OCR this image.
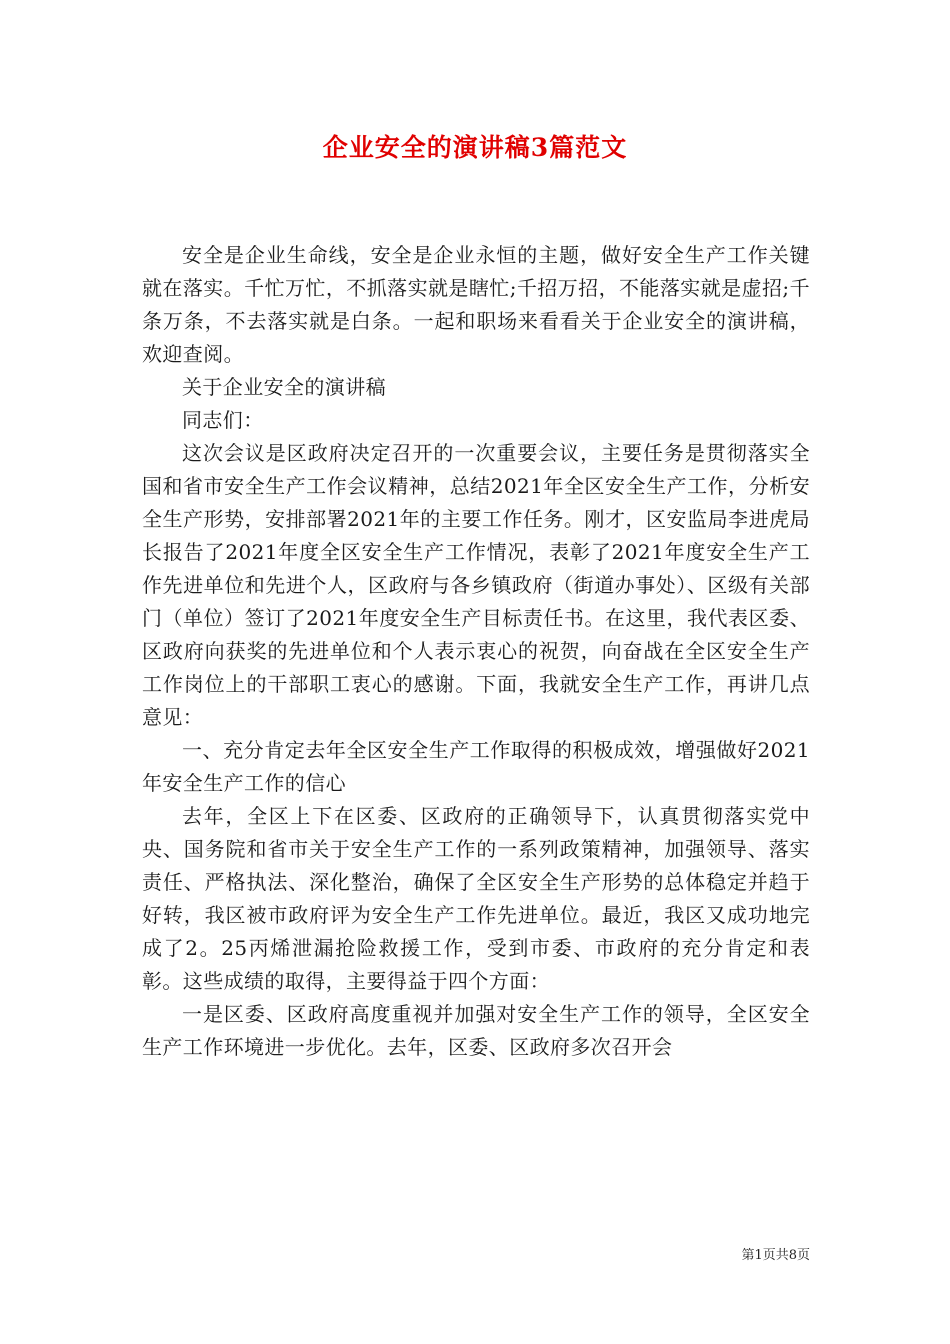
企业安全的演讲稿3篇范文

安全是企业生命线，安全是企业永恒的主题，做好安全生产工作关键就在落实。千忙万忙，不抓落实就是瞎忙;千招万招，不能落实就是虚招;千条万条，不去落实就是白条。一起和职场来看看关于企业安全的演讲稿，欢迎查阅。

关于企业安全的演讲稿

同志们：

这次会议是区政府决定召开的一次重要会议，主要任务是贯彻落实全国和省市安全生产工作会议精神，总结2021年全区安全生产工作，分析安全生产形势，安排部署2021年的主要工作任务。刚才，区安监局李进虎局长报告了2021年度全区安全生产工作情况，表彰了2021年度安全生产工作先进单位和先进个人，区政府与各乡镇政府（街道办事处）、区级有关部门（单位）签订了2021年度安全生产目标责任书。在这里，我代表区委、区政府向获奖的先进单位和个人表示衷心的祝贺，向奋战在全区安全生产工作岗位上的干部职工衷心的感谢。下面，我就安全生产工作，再讲几点意见：

一、充分肯定去年全区安全生产工作取得的积极成效，增强做好2021年安全生产工作的信心

去年，全区上下在区委、区政府的正确领导下，认真贯彻落实党中央、国务院和省市关于安全生产工作的一系列政策精神，加强领导、落实责任、严格执法、深化整治，确保了全区安全生产形势的总体稳定并趋于好转，我区被市政府评为安全生产工作先进单位。最近，我区又成功地完成了2。25丙烯泄漏抢险救援工作，受到市委、市政府的充分肯定和表彰。这些成绩的取得，主要得益于四个方面：

一是区委、区政府高度重视并加强对安全生产工作的领导，全区安全生产工作环境进一步优化。去年，区委、区政府多次召开会

第1页共8页
